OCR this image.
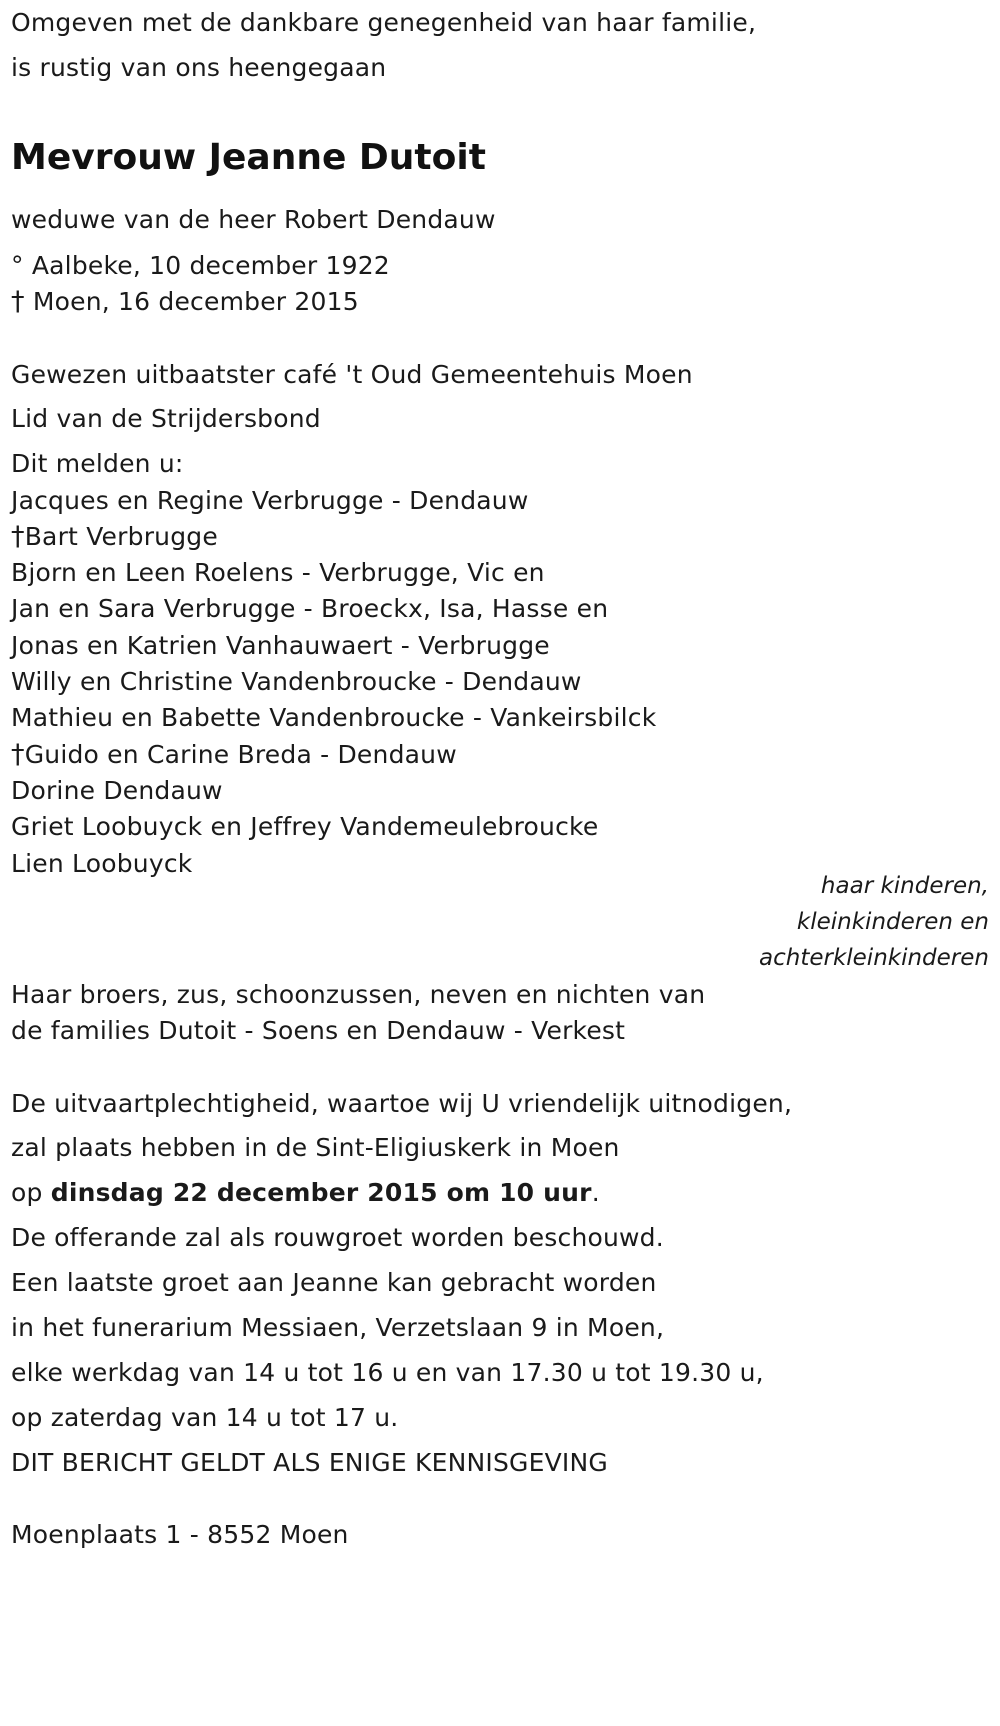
Omgeven met de dankbare genegenheid van haar familie,
is rustig van ons heengegaan
Mevrouw Jeanne Dutoit
weduwe van de heer Robert Dendauw
° Aalbeke, 10 december 1922
† Moen, 16 december 2015
Gewezen uitbaatster café 't Oud Gemeentehuis Moen
Lid van de Strijdersbond
Dit melden u:
Jacques en Regine Verbrugge - Dendauw
†Bart Verbrugge
Bjorn en Leen Roelens - Verbrugge, Vic en
Jan en Sara Verbrugge - Broeckx, Isa, Hasse en
Jonas en Katrien Vanhauwaert - Verbrugge
Willy en Christine Vandenbroucke - Dendauw
Mathieu en Babette Vandenbroucke - Vankeirsbilck
†Guido en Carine Breda - Dendauw
Dorine Dendauw
Griet Loobuyck en Jeffrey Vandemeulebroucke
Lien Loobuyck
haar kinderen,
kleinkinderen en
achterkleinkinderen
Haar broers, zus, schoonzussen, neven en nichten van
de families Dutoit - Soens en Dendauw - Verkest
De uitvaartplechtigheid, waartoe wij U vriendelijk uitnodigen,
zal plaats hebben in de Sint-Eligiuskerk in Moen
op dinsdag 22 december 2015 om 10 uur.
De offerande zal als rouwgroet worden beschouwd.
Een laatste groet aan Jeanne kan gebracht worden
in het funerarium Messiaen, Verzetslaan 9 in Moen,
elke werkdag van 14 u tot 16 u en van 17.30 u tot 19.30 u,
op zaterdag van 14 u tot 17 u.
DIT BERICHT GELDT ALS ENIGE KENNISGEVING
Moenplaats 1 - 8552 Moen
